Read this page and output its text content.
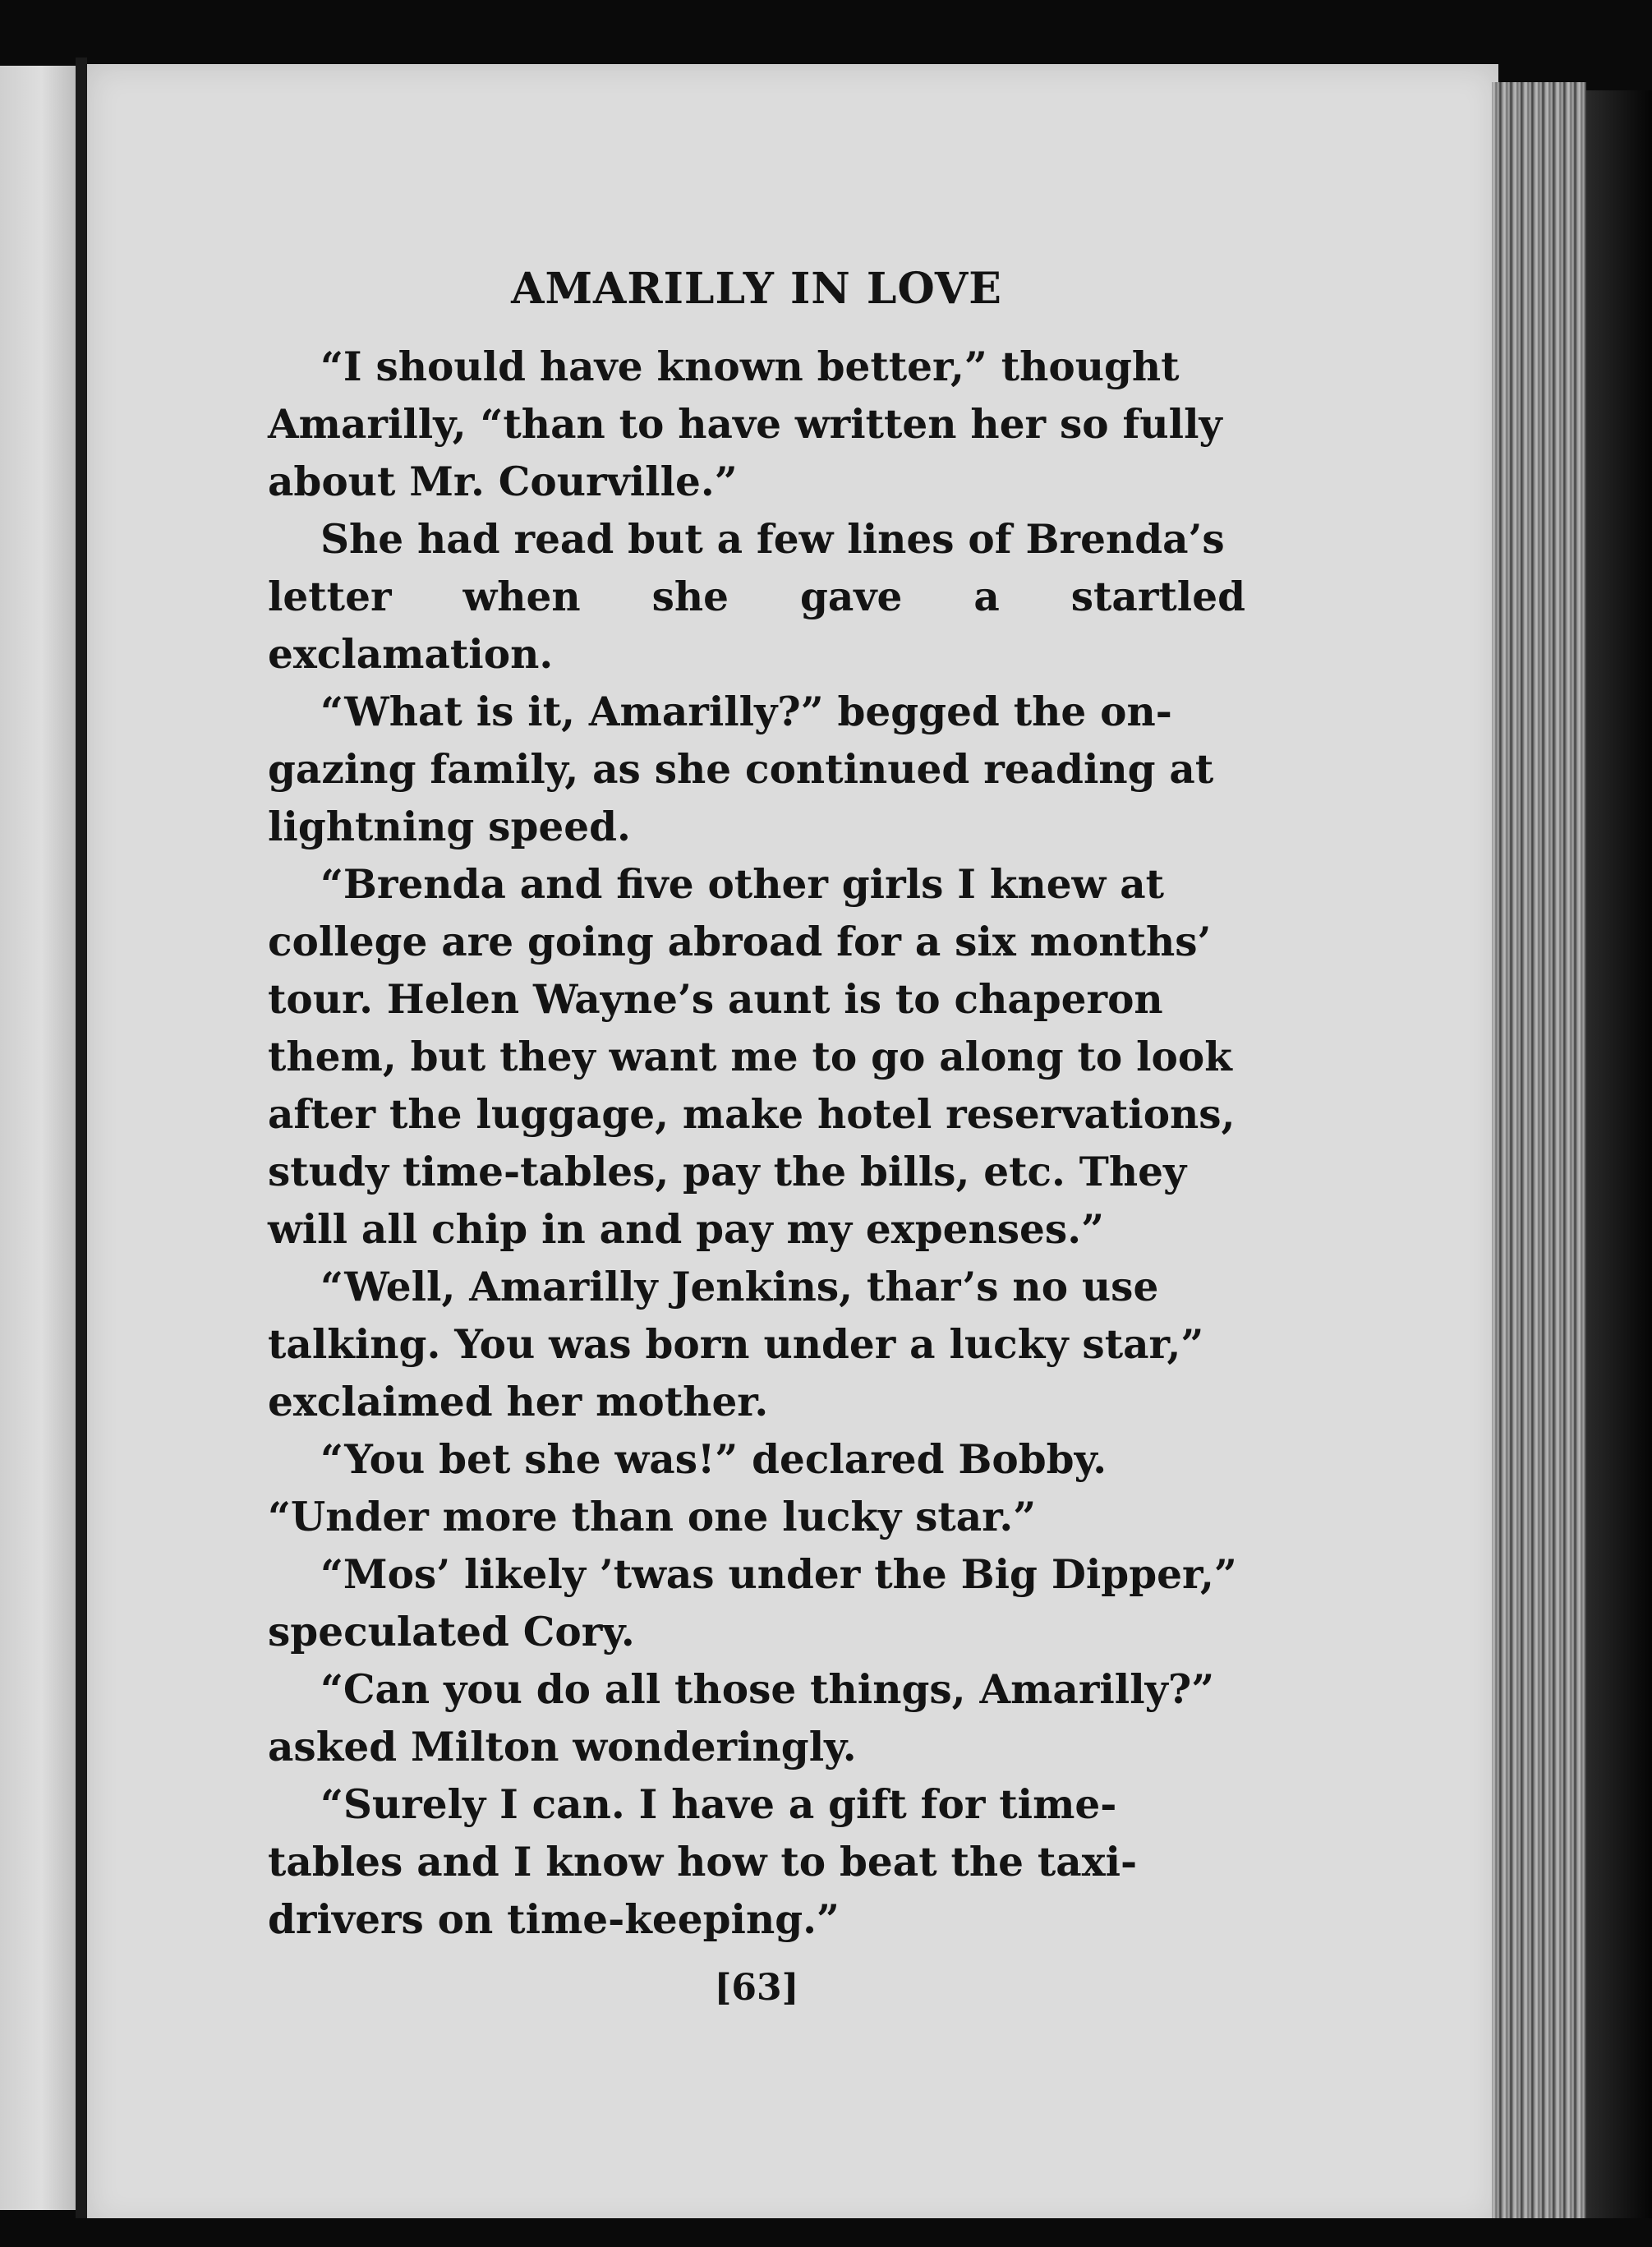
AMARILLY IN LOVE

“I should have known better,” thought
Amarilly, “than to have written her so fully
about Mr. Courville.”

She had read but a few lines of Brenda’s
letter when she gave a startled exclamation.

“What is it, Amarilly?” begged the on-
gazing family, as she continued reading at
lightning speed.

“Brenda and five other girls I knew at
college are going abroad for a six months’
tour. Helen Wayne’s aunt is to chaperon
them, but they want me to go along to look
after the luggage, make hotel reservations,
study time-tables, pay the bills, etc. They
will all chip in and pay my expenses.”

“Well, Amarilly Jenkins, thar’s no use
talking. You was born under a lucky star,”
exclaimed her mother.

“You bet she was!” declared Bobby.
“Under more than one lucky star.”

“Mos’ likely ’twas under the Big Dipper,”
speculated Cory.

“Can you do all those things, Amarilly?”
asked Milton wonderingly.

“Surely I can. I have a gift for time-
tables and I know how to beat the taxi-
drivers on time-keeping.”

[63]
